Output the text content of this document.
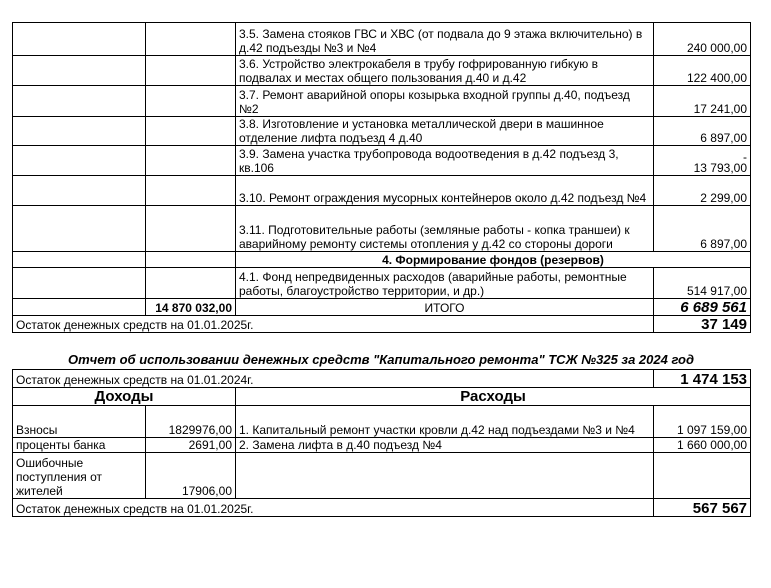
		3.5. Замена стояков ГВС и ХВС (от подвала до 9 этажа включительно) в д.42 подъезды №3 и №4	240 000,00
		3.6. Устройство электрокабеля в трубу гофрированную гибкую в подвалах и местах общего пользования д.40 и д.42	122 400,00
		3.7. Ремонт аварийной опоры козырька входной группы д.40, подъезд №2	17 241,00
		3.8. Изготовление и установка металлической двери в машинное отделение лифта подъезд 4 д.40	6 897,00
		3.9. Замена участка трубопровода водоотведения в д.42 подъезд 3, кв.106	-
13 793,00
		3.10. Ремонт ограждения мусорных контейнеров около д.42 подъезд №4	2 299,00
		3.11. Подготовительные работы (земляные работы - копка траншеи) к аварийному ремонту системы отопления у д.42 со стороны дороги	6 897,00
		4. Формирование фондов (резервов)	
		4.1. Фонд непредвиденных расходов (аварийные работы, ремонтные работы, благоустройство территории, и др.)	514 917,00
	14 870 032,00	ИТОГО	6 689 561
Остаток денежных средств на 01.01.2025г.			37 149
Отчет об использовании денежных средств "Капитального ремонта" ТСЖ №325 за 2024 год
Остаток денежных средств на 01.01.2024г.			1 474 153
Доходы		Расходы	
Взносы	1829976,00	1. Капитальный ремонт участки кровли д.42 над подъездами №3 и №4	1 097 159,00
проценты банка	2691,00	2. Замена лифта в д.40 подъезд №4	1 660 000,00
Ошибочные поступления от жителей	17906,00		
Остаток денежных средств на 01.01.2025г.			567 567
